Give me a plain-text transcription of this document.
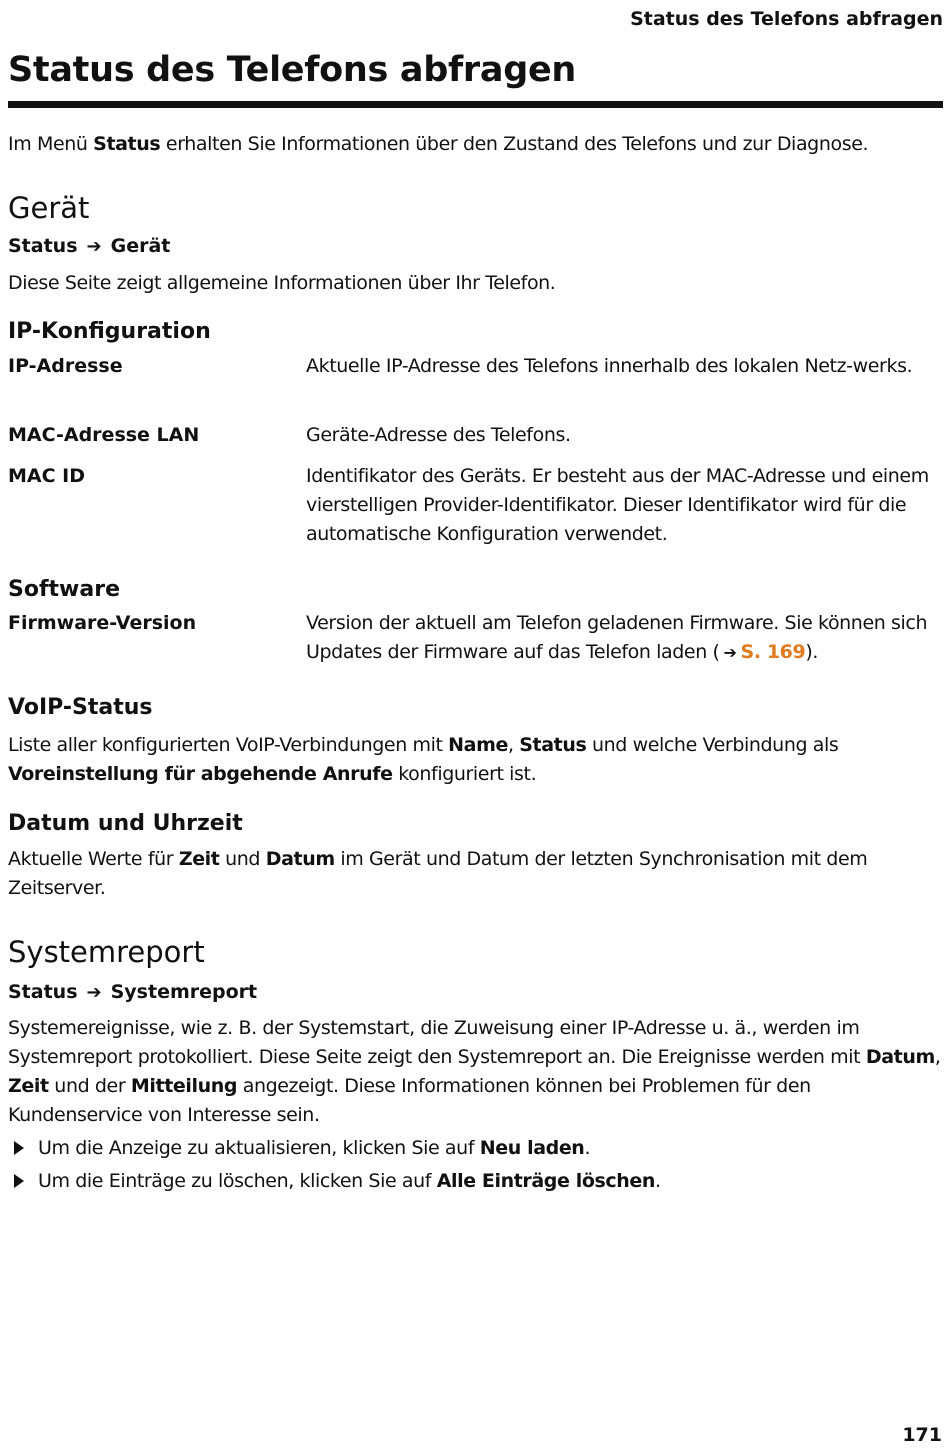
Status des Telefons abfragen
Status des Telefons abfragen
Im Menü Status erhalten Sie Informationen über den Zustand des Telefons und zur Diagnose.
Gerät
Status ➔ Gerät
Diese Seite zeigt allgemeine Informationen über Ihr Telefon.
IP-Konfiguration
IP-Adresse	Aktuelle IP-Adresse des Telefons innerhalb des lokalen Netz-werks.
MAC-Adresse LAN	Geräte-Adresse des Telefons.
MAC ID	Identifikator des Geräts. Er besteht aus der MAC-Adresse und einem vierstelligen Provider-Identifikator. Dieser Identifikator wird für die automatische Konfiguration verwendet.
Software
Firmware-Version	Version der aktuell am Telefon geladenen Firmware. Sie können sich Updates der Firmware auf das Telefon laden ( ➔ S. 169).
VoIP-Status
Liste aller konfigurierten VoIP-Verbindungen mit Name, Status und welche Verbindung als Voreinstellung für abgehende Anrufe konfiguriert ist.
Datum und Uhrzeit
Aktuelle Werte für Zeit und Datum im Gerät und Datum der letzten Synchronisation mit dem Zeitserver.
Systemreport
Status ➔ Systemreport
Systemereignisse, wie z. B. der Systemstart, die Zuweisung einer IP-Adresse u. ä., werden im Systemreport protokolliert. Diese Seite zeigt den Systemreport an. Die Ereignisse werden mit Datum, Zeit und der Mitteilung angezeigt. Diese Informationen können bei Problemen für den Kundenservice von Interesse sein.
Um die Anzeige zu aktualisieren, klicken Sie auf Neu laden.
Um die Einträge zu löschen, klicken Sie auf Alle Einträge löschen.
171
